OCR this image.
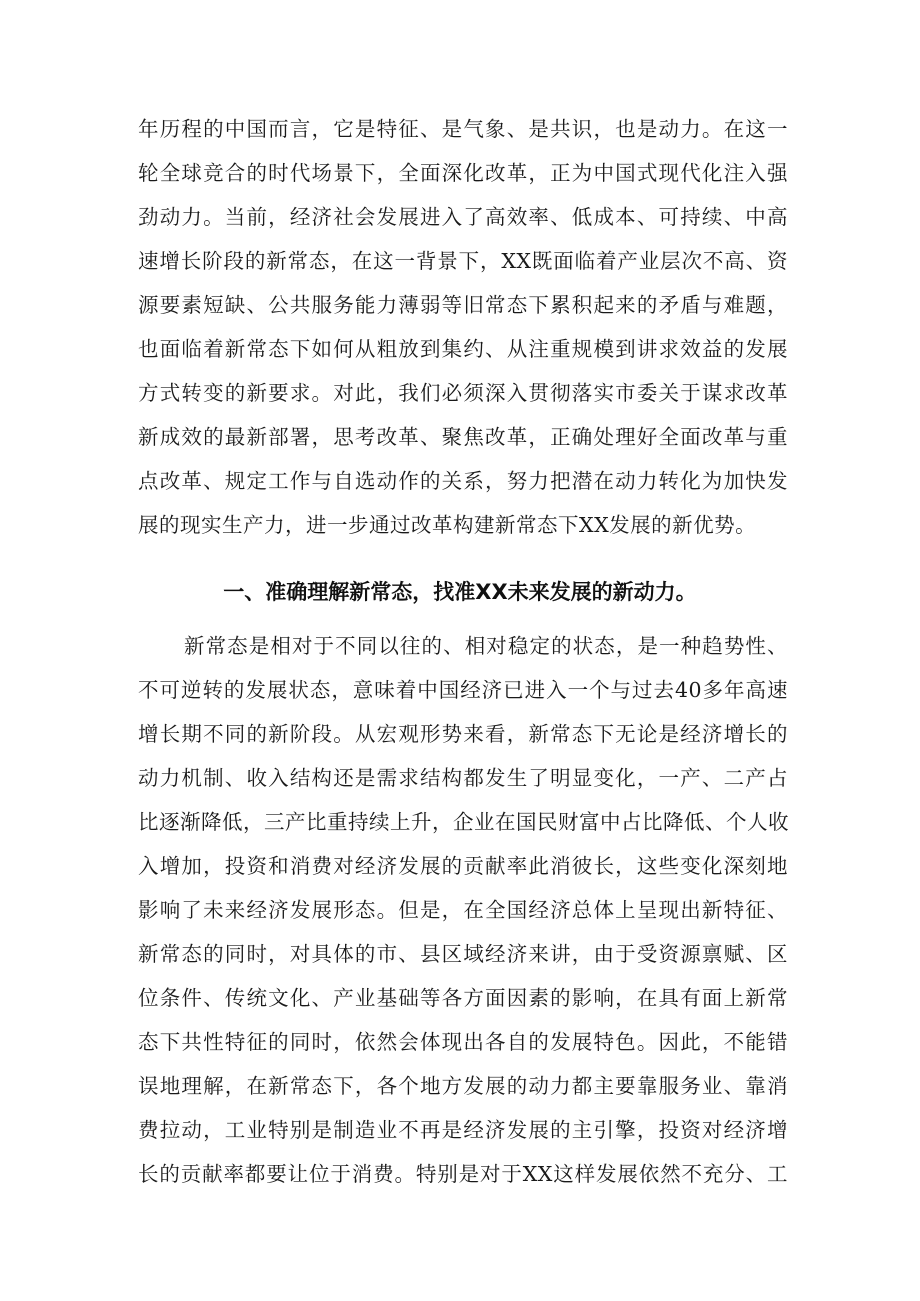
年历程的中国而言，它是特征、是气象、是共识，也是动力。在这一
轮全球竞合的时代场景下，全面深化改革，正为中国式现代化注入强
劲动力。当前，经济社会发展进入了高效率、低成本、可持续、中高
速增长阶段的新常态，在这一背景下，XX既面临着产业层次不高、资
源要素短缺、公共服务能力薄弱等旧常态下累积起来的矛盾与难题，
也面临着新常态下如何从粗放到集约、从注重规模到讲求效益的发展
方式转变的新要求。对此，我们必须深入贯彻落实市委关于谋求改革
新成效的最新部署，思考改革、聚焦改革，正确处理好全面改革与重
点改革、规定工作与自选动作的关系，努力把潜在动力转化为加快发
展的现实生产力，进一步通过改革构建新常态下XX发展的新优势。
一、准确理解新常态，找准XX未来发展的新动力。
新常态是相对于不同以往的、相对稳定的状态，是一种趋势性、
不可逆转的发展状态，意味着中国经济已进入一个与过去40多年高速
增长期不同的新阶段。从宏观形势来看，新常态下无论是经济增长的
动力机制、收入结构还是需求结构都发生了明显变化，一产、二产占
比逐渐降低，三产比重持续上升，企业在国民财富中占比降低、个人收
入增加，投资和消费对经济发展的贡献率此消彼长，这些变化深刻地
影响了未来经济发展形态。但是，在全国经济总体上呈现出新特征、
新常态的同时，对具体的市、县区域经济来讲，由于受资源禀赋、区
位条件、传统文化、产业基础等各方面因素的影响，在具有面上新常
态下共性特征的同时，依然会体现出各自的发展特色。因此，不能错
误地理解，在新常态下，各个地方发展的动力都主要靠服务业、靠消
费拉动，工业特别是制造业不再是经济发展的主引擎，投资对经济增
长的贡献率都要让位于消费。特别是对于XX这样发展依然不充分、工
